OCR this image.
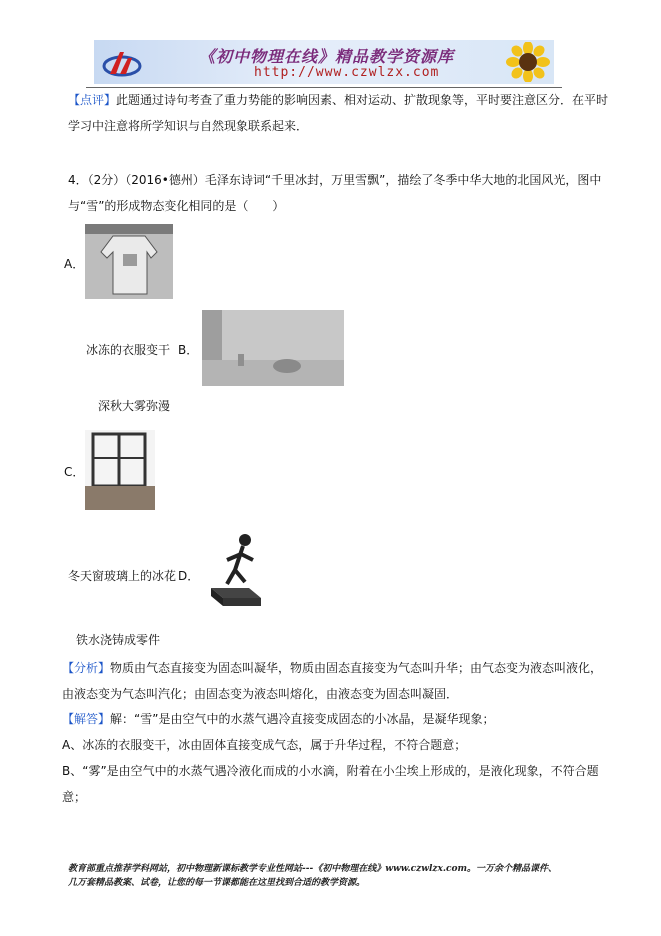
《初中物理在线》精品教学资源库
http://www.czwlzx.com
【点评】此题通过诗句考查了重力势能的影响因素、相对运动、扩散现象等，平时要注意区分．在平时
学习中注意将所学知识与自然现象联系起来．
4．（2分）（2016•德州）毛泽东诗词“千里冰封，万里雪飘”，描绘了冬季中华大地的北国风光，图中
与“雪”的形成物态变化相同的是（　　）
A．
冰冻的衣服变干 B．
深秋大雾弥漫
C．
冬天窗玻璃上的冰花 D．
铁水浇铸成零件
【分析】物质由气态直接变为固态叫凝华，物质由固态直接变为气态叫升华；由气态变为液态叫液化，
由液态变为气态叫汽化；由固态变为液态叫熔化，由液态变为固态叫凝固．
【解答】解：“雪”是由空气中的水蒸气遇冷直接变成固态的小冰晶，是凝华现象；
A、冰冻的衣服变干，冰由固体直接变成气态，属于升华过程，不符合题意；
B、“雾”是由空气中的水蒸气遇冷液化而成的小水滴，附着在小尘埃上形成的，是液化现象，不符合题
意；
教育部重点推荐学科网站，初中物理新课标教学专业性网站---《初中物理在线》www.czwlzx.com。一万余个精品课件、
几万套精品教案、试卷，让您的每一节课都能在这里找到合适的教学资源。
